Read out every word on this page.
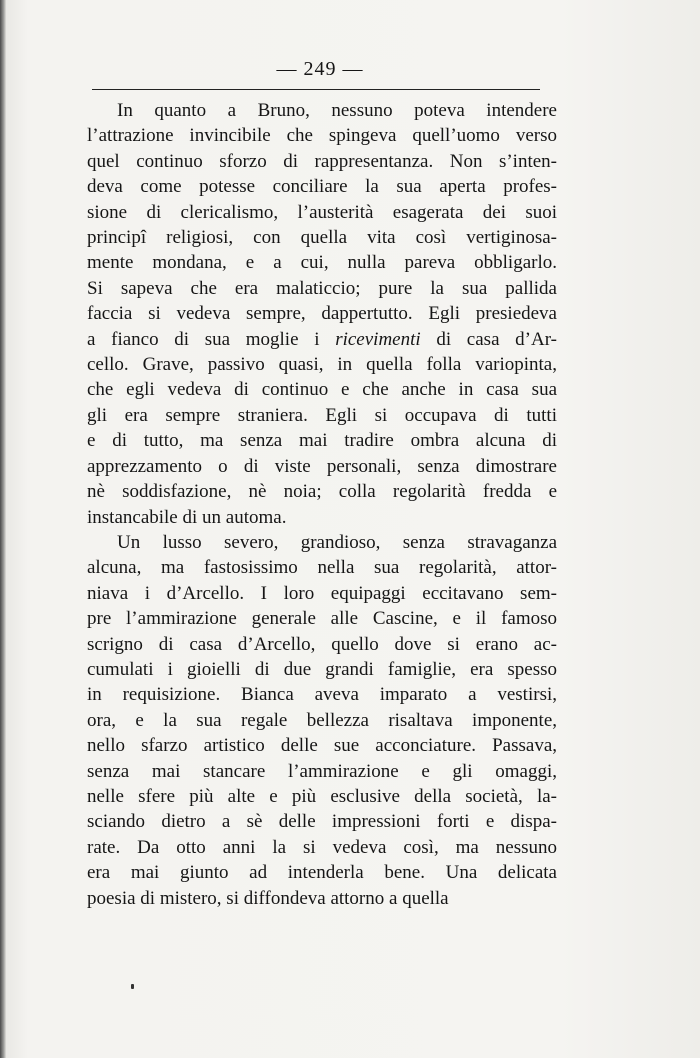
— 249 —
In quanto a Bruno, nessuno poteva intendere
l’attrazione invincibile che spingeva quell’uomo verso
quel continuo sforzo di rappresentanza. Non s’inten-
deva come potesse conciliare la sua aperta profes-
sione di clericalismo, l’austerità esagerata dei suoi
principî religiosi, con quella vita così vertiginosa-
mente mondana, e a cui, nulla pareva obbligarlo.
Si sapeva che era malaticcio; pure la sua pallida
faccia si vedeva sempre, dappertutto. Egli presiedeva
a fianco di sua moglie i ricevimenti di casa d’Ar-
cello. Grave, passivo quasi, in quella folla variopinta,
che egli vedeva di continuo e che anche in casa sua
gli era sempre straniera. Egli si occupava di tutti
e di tutto, ma senza mai tradire ombra alcuna di
apprezzamento o di viste personali, senza dimostrare
nè soddisfazione, nè noia; colla regolarità fredda e
instancabile di un automa.
Un lusso severo, grandioso, senza stravaganza
alcuna, ma fastosissimo nella sua regolarità, attor-
niava i d’Arcello. I loro equipaggi eccitavano sem-
pre l’ammirazione generale alle Cascine, e il famoso
scrigno di casa d’Arcello, quello dove si erano ac-
cumulati i gioielli di due grandi famiglie, era spesso
in requisizione. Bianca aveva imparato a vestirsi,
ora, e la sua regale bellezza risaltava imponente,
nello sfarzo artistico delle sue acconciature. Passava,
senza mai stancare l’ammirazione e gli omaggi,
nelle sfere più alte e più esclusive della società, la-
sciando dietro a sè delle impressioni forti e dispa-
rate. Da otto anni la si vedeva così, ma nessuno
era mai giunto ad intenderla bene. Una delicata
poesia di mistero, si diffondeva attorno a quella
